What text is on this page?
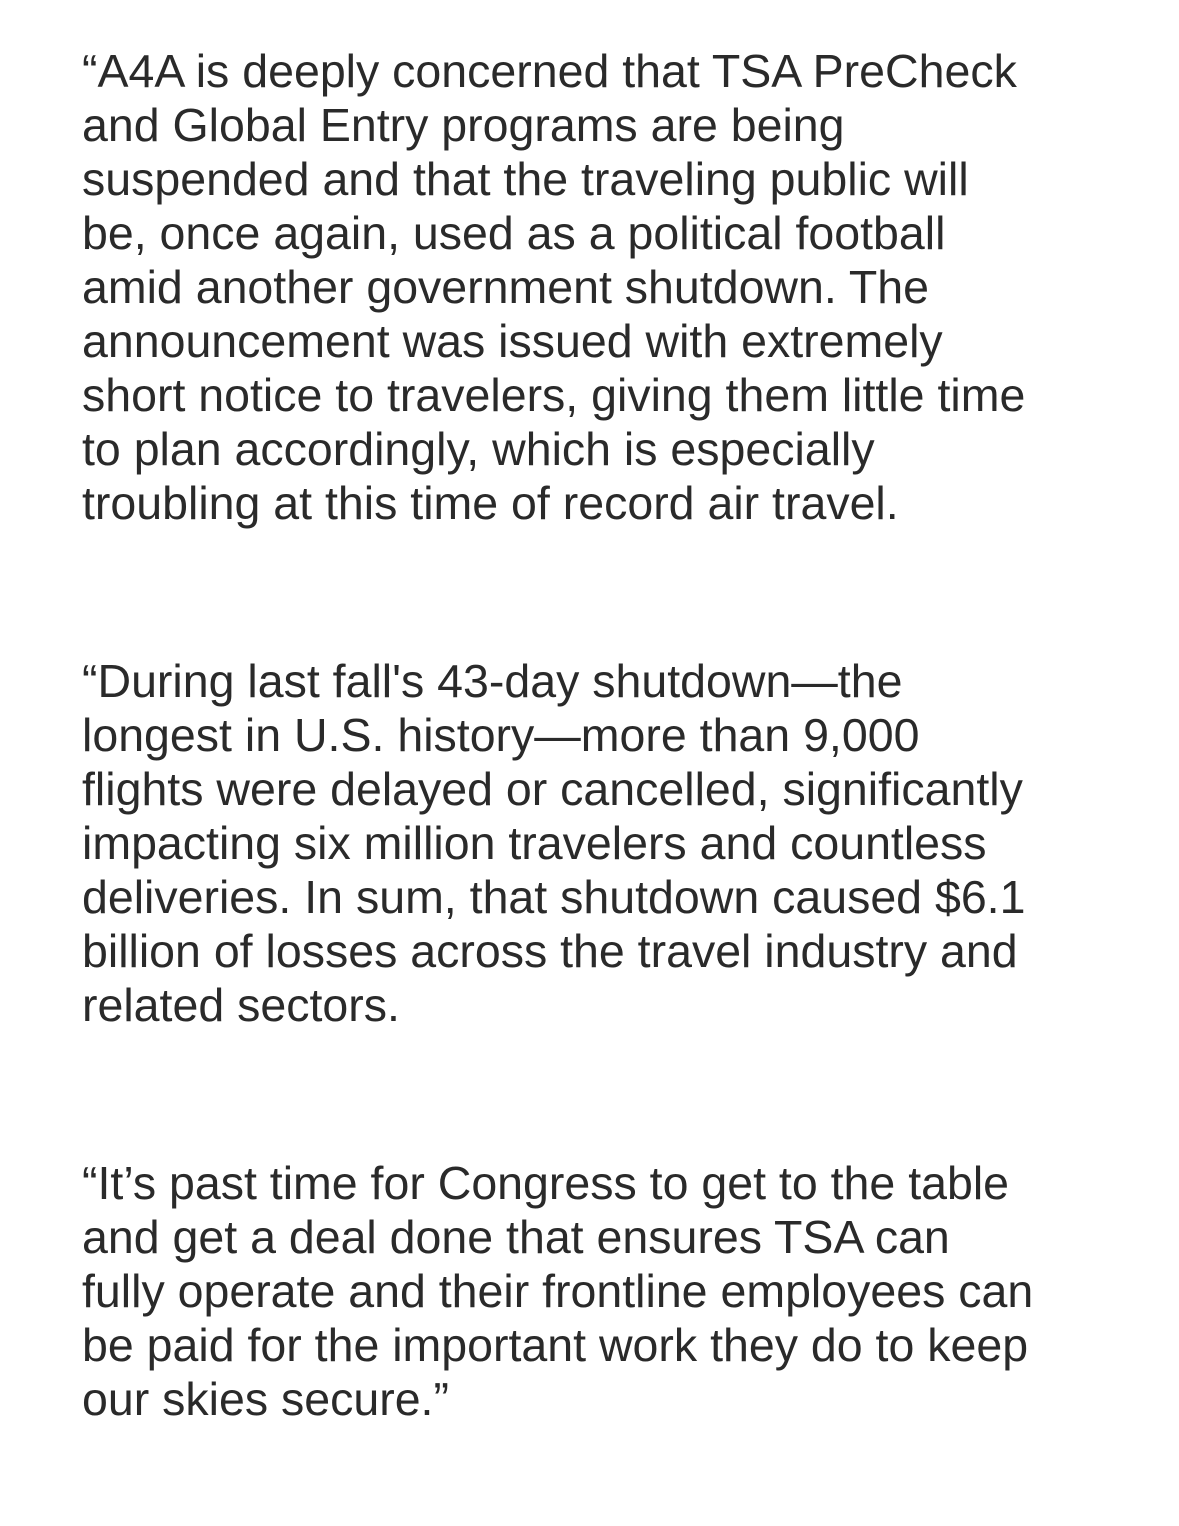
“A4A is deeply concerned that TSA PreCheck
and Global Entry programs are being
suspended and that the traveling public will
be, once again, used as a political football
amid another government shutdown. The
announcement was issued with extremely
short notice to travelers, giving them little time
to plan accordingly, which is especially
troubling at this time of record air travel.

“During last fall's 43-day shutdown—the
longest in U.S. history—more than 9,000
flights were delayed or cancelled, significantly
impacting six million travelers and countless
deliveries. In sum, that shutdown caused $6.1
billion of losses across the travel industry and
related sectors.

“It’s past time for Congress to get to the table
and get a deal done that ensures TSA can
fully operate and their frontline employees can
be paid for the important work they do to keep
our skies secure.”
